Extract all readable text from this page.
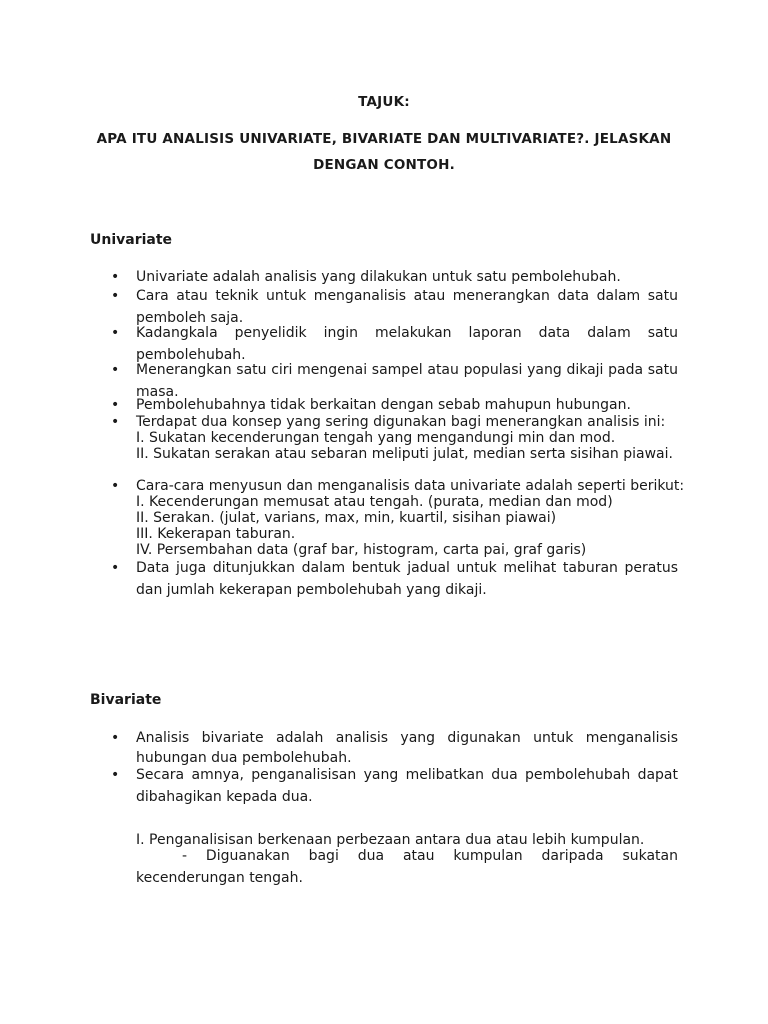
TAJUK:
APA ITU ANALISIS UNIVARIATE, BIVARIATE DAN MULTIVARIATE?. JELASKAN
DENGAN CONTOH.
Univariate
• Univariate adalah analisis yang dilakukan untuk satu pembolehubah.
• Cara atau teknik untuk menganalisis atau menerangkan data dalam satu
pemboleh saja.
• Kadangkala penyelidik ingin melakukan laporan data dalam satu
pembolehubah.
• Menerangkan satu ciri mengenai sampel atau populasi yang dikaji pada satu
masa.
• Pembolehubahnya tidak berkaitan dengan sebab mahupun hubungan.
• Terdapat dua konsep yang sering digunakan bagi menerangkan analisis ini:
I. Sukatan kecenderungan tengah yang mengandungi min dan mod.
II. Sukatan serakan atau sebaran meliputi julat, median serta sisihan piawai.
• Cara-cara menyusun dan menganalisis data univariate adalah seperti berikut:
I. Kecenderungan memusat atau tengah. (purata, median dan mod)
II. Serakan. (julat, varians, max, min, kuartil, sisihan piawai)
III. Kekerapan taburan.
IV. Persembahan data (graf bar, histogram, carta pai, graf garis)
• Data juga ditunjukkan dalam bentuk jadual untuk melihat taburan peratus
dan jumlah kekerapan pembolehubah yang dikaji.
Bivariate
• Analisis bivariate adalah analisis yang digunakan untuk menganalisis
hubungan dua pembolehubah.
• Secara amnya, penganalisisan yang melibatkan dua pembolehubah dapat
dibahagikan kepada dua.
I. Penganalisisan berkenaan perbezaan antara dua atau lebih kumpulan.
- Diguanakan bagi dua atau kumpulan daripada sukatan
kecenderungan tengah.
